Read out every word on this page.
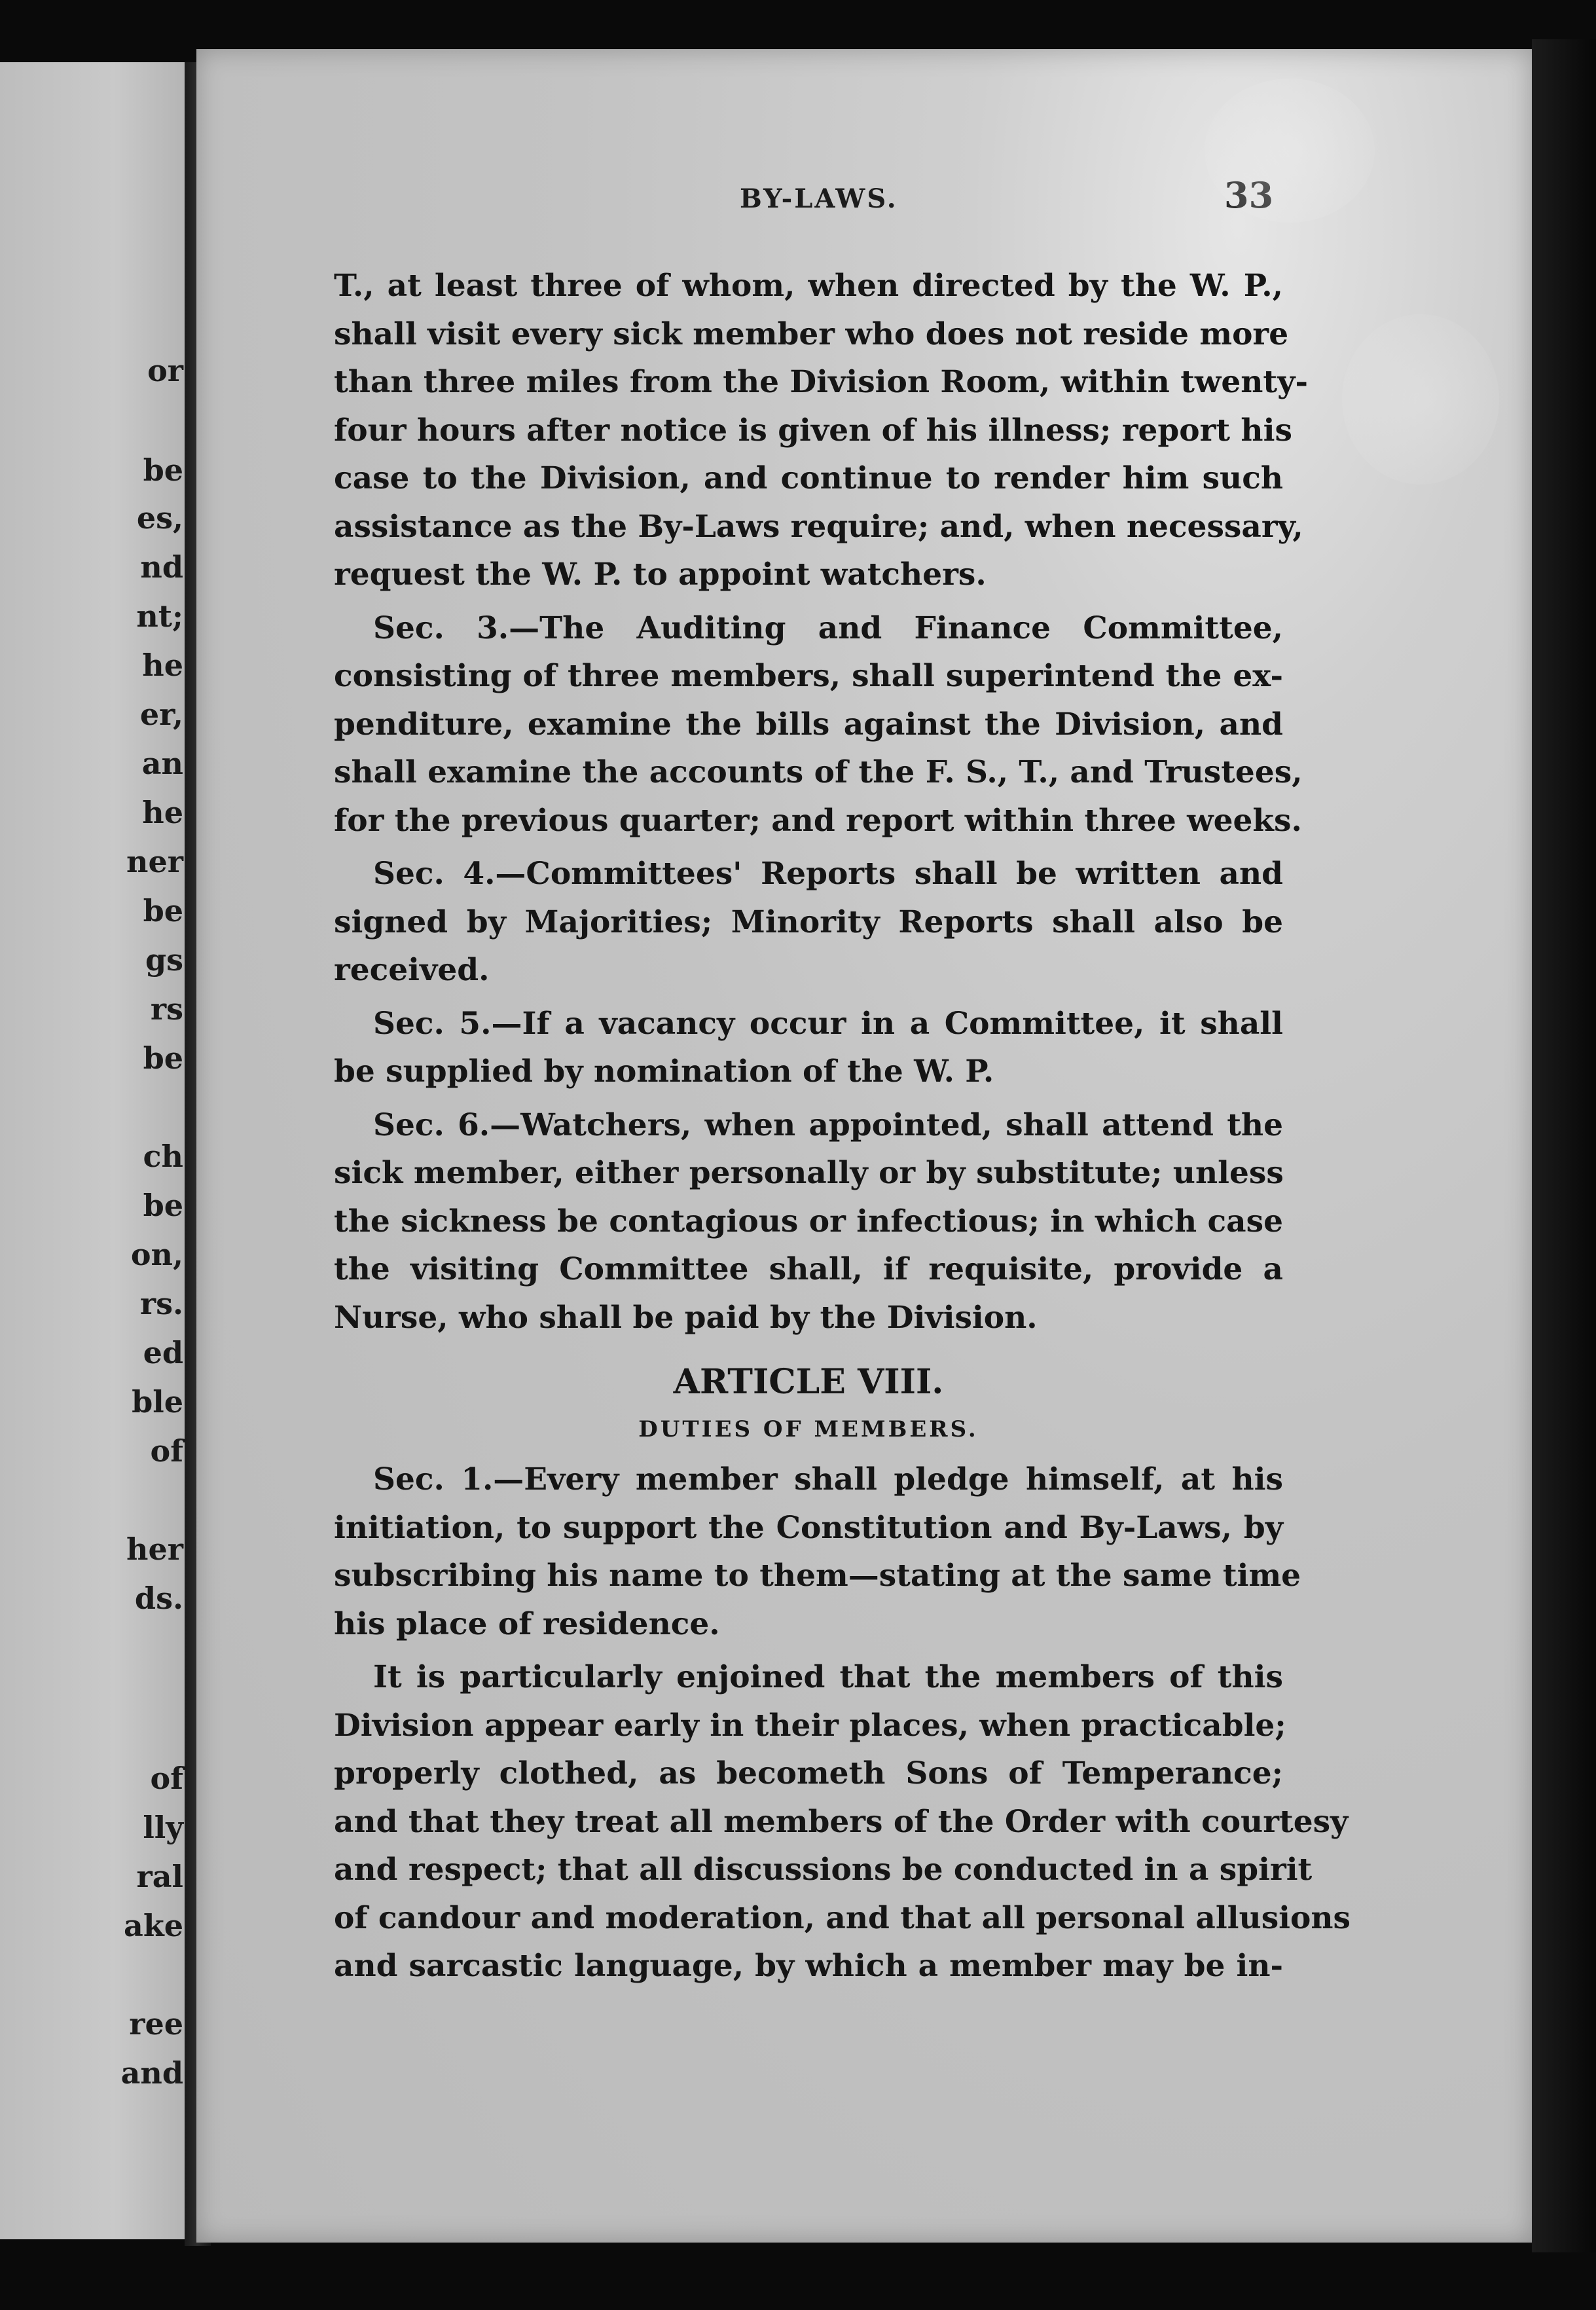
or
be
es,
nd
nt;
he
er,
an
he
ner
be
gs
rs
be
ch
be
on,
rs.
ed
ble
of
her
ds.
of
lly
ral
ake
ree
and
BY-LAWS.	33
T., at least three of whom, when directed by the W. P.,
shall visit every sick member who does not reside more
than three miles from the Division Room, within twenty-
four hours after notice is given of his illness; report his
case to the Division, and continue to render him such
assistance as the By-Laws require; and, when necessary,
request the W. P. to appoint watchers.
Sec. 3.—The Auditing and Finance Committee,
consisting of three members, shall superintend the ex-
penditure, examine the bills against the Division, and
shall examine the accounts of the F. S., T., and Trustees,
for the previous quarter; and report within three weeks.
Sec. 4.—Committees' Reports shall be written and
signed by Majorities; Minority Reports shall also be
received.
Sec. 5.—If a vacancy occur in a Committee, it shall
be supplied by nomination of the W. P.
Sec. 6.—Watchers, when appointed, shall attend the
sick member, either personally or by substitute; unless
the sickness be contagious or infectious; in which case
the visiting Committee shall, if requisite, provide a
Nurse, who shall be paid by the Division.
ARTICLE VIII.
DUTIES OF MEMBERS.
Sec. 1.—Every member shall pledge himself, at his
initiation, to support the Constitution and By-Laws, by
subscribing his name to them—stating at the same time
his place of residence.
It is particularly enjoined that the members of this
Division appear early in their places, when practicable;
properly clothed, as becometh Sons of Temperance;
and that they treat all members of the Order with courtesy
and respect; that all discussions be conducted in a spirit
of candour and moderation, and that all personal allusions
and sarcastic language, by which a member may be in-
